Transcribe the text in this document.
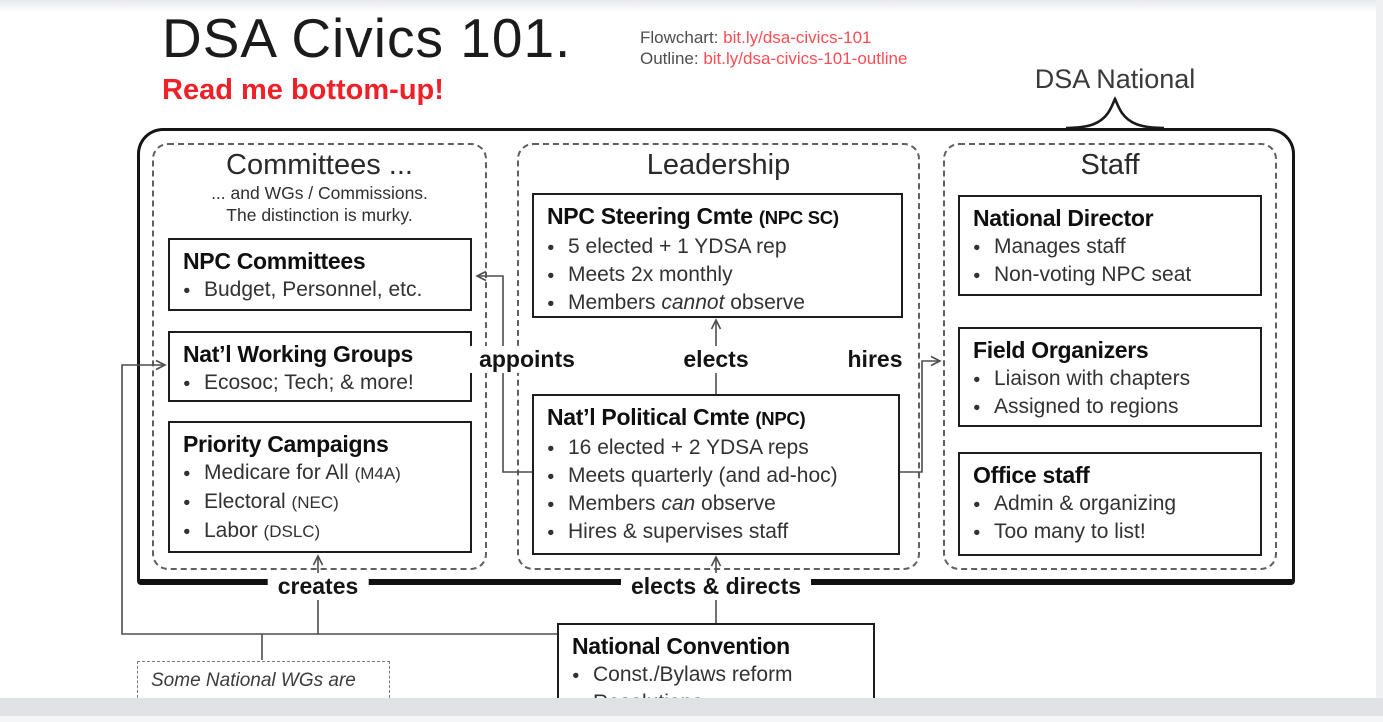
DSA Civics 101.	Flowchart: bit.ly/dsa-civics-101
Outline: bit.ly/dsa-civics-101-outline
Read me bottom-up!	DSA National
Committees ...
... and WGs / Commissions.
The distinction is murky.
Leadership	Staff
NPC Committees
● Budget, Personnel, etc.
Nat’l Working Groups
● Ecosoc; Tech; & more!
Priority Campaigns
● Medicare for All (M4A)
● Electoral (NEC)
● Labor (DSLC)
NPC Steering Cmte (NPC SC)
● 5 elected + 1 YDSA rep
● Meets 2x monthly
● Members cannot observe
Nat’l Political Cmte (NPC)
● 16 elected + 2 YDSA reps
● Meets quarterly (and ad-hoc)
● Members can observe
● Hires & supervises staff
National Director
● Manages staff
● Non-voting NPC seat
Field Organizers
● Liaison with chapters
● Assigned to regions
Office staff
● Admin & organizing
● Too many to list!
appoints	elects	hires
creates	elects & directs
National Convention
● Const./Bylaws reform
●
Some National WGs are
